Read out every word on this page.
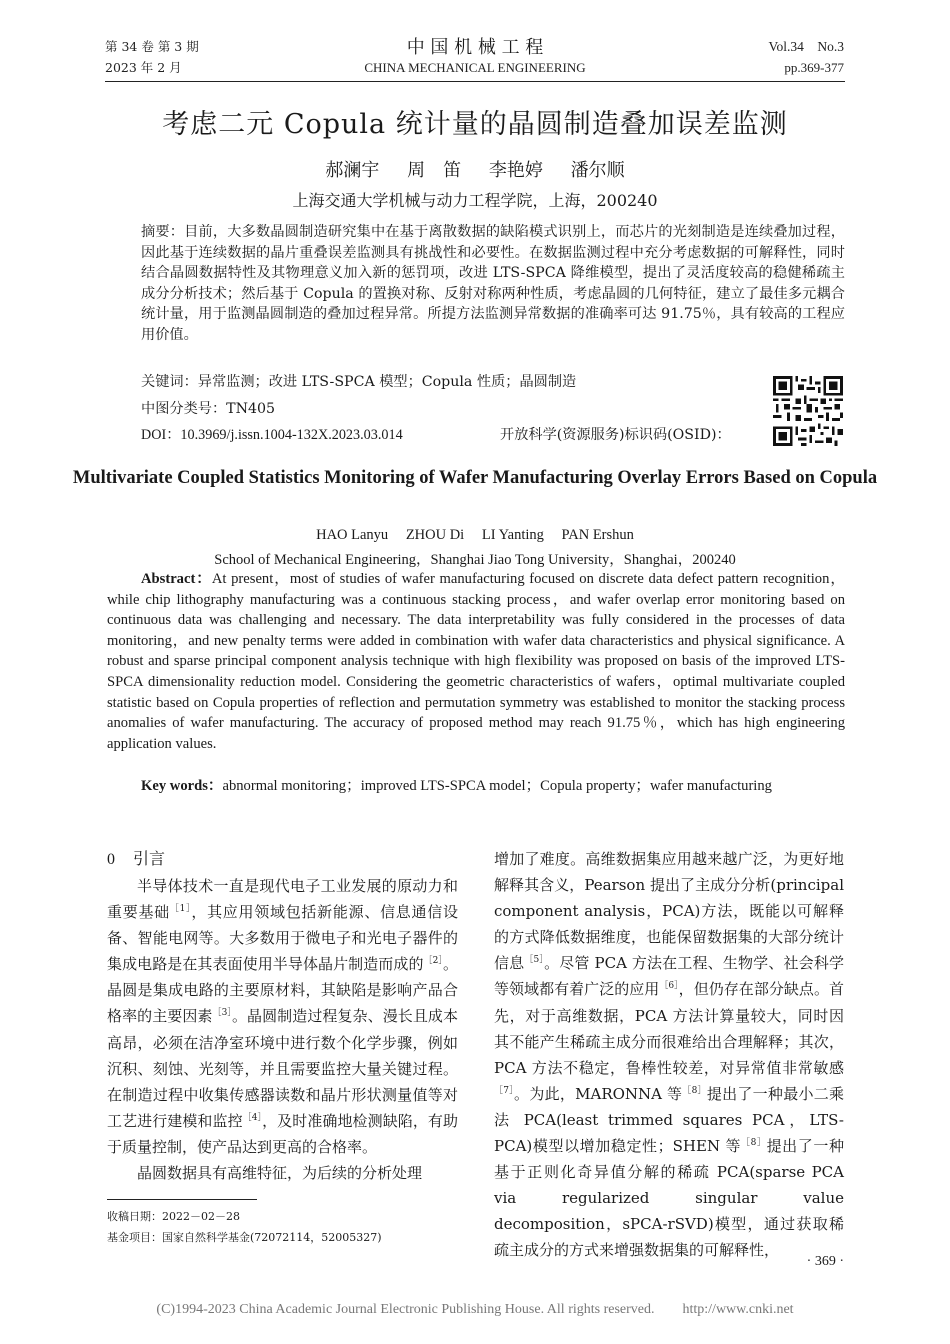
第 34 卷 第 3 期
2023 年 2 月
中 国 机 械 工 程
CHINA MECHANICAL ENGINEERING
Vol.34　No.3
pp.369-377
考虑二元 Copula 统计量的晶圆制造叠加误差监测
郝澜宇 周　笛 李艳婷 潘尔顺
上海交通大学机械与动力工程学院，上海，200240
摘要：目前，大多数晶圆制造研究集中在基于离散数据的缺陷模式识别上，而芯片的光刻制造是连续叠加过程，因此基于连续数据的晶片重叠误差监测具有挑战性和必要性。在数据监测过程中充分考虑数据的可解释性，同时结合晶圆数据特性及其物理意义加入新的惩罚项，改进 LTS-SPCA 降维模型，提出了灵活度较高的稳健稀疏主成分分析技术；然后基于 Copula 的置换对称、反射对称两种性质，考虑晶圆的几何特征，建立了最佳多元耦合统计量，用于监测晶圆制造的叠加过程异常。所提方法监测异常数据的准确率可达 91.75％，具有较高的工程应用价值。
关键词：异常监测；改进 LTS-SPCA 模型；Copula 性质；晶圆制造
中图分类号：TN405
DOI：10.3969/j.issn.1004-132X.2023.03.014	开放科学(资源服务)标识码(OSID)：
Multivariate Coupled Statistics Monitoring of Wafer Manufacturing Overlay Errors Based on Copula
HAO Lanyu ZHOU Di LI Yanting PAN Ershun
School of Mechanical Engineering，Shanghai Jiao Tong University，Shanghai，200240
Abstract：At present，most of studies of wafer manufacturing focused on discrete data defect pattern recognition，while chip lithography manufacturing was a continuous stacking process，and wafer overlap error monitoring based on continuous data was challenging and necessary. The data interpretability was fully considered in the processes of data monitoring，and new penalty terms were added in combination with wafer data characteristics and physical significance. A robust and sparse principal component analysis technique with high flexibility was proposed on basis of the improved LTS-SPCA dimensionality reduction model. Considering the geometric characteristics of wafers，optimal multivariate coupled statistic based on Copula properties of reflection and permutation symmetry was established to monitor the stacking process anomalies of wafer manufacturing. The accuracy of proposed method may reach 91.75％，which has high engineering application values.
Key words：abnormal monitoring；improved LTS-SPCA model；Copula property；wafer manufacturing
0 引言

半导体技术一直是现代电子工业发展的原动力和重要基础$^{[1]}$，其应用领域包括新能源、信息通信设备、智能电网等。大多数用于微电子和光电子器件的集成电路是在其表面使用半导体晶片制造而成的$^{[2]}$。晶圆是集成电路的主要原材料，其缺陷是影响产品合格率的主要因素$^{[3]}$。晶圆制造过程复杂、漫长且成本高昂，必须在洁净室环境中进行数个化学步骤，例如沉积、刻蚀、光刻等，并且需要监控大量关键过程。在制造过程中收集传感器读数和晶片形状测量值等对工艺进行建模和监控$^{[4]}$，及时准确地检测缺陷，有助于质量控制，使产品达到更高的合格率。

晶圆数据具有高维特征，为后续的分析处理

收稿日期：2022－02－28
基金项目：国家自然科学基金(72072114，52005327)

增加了难度。高维数据集应用越来越广泛，为更好地解释其含义，Pearson 提出了主成分分析(principal component analysis，PCA)方法，既能以可解释的方式降低数据维度，也能保留数据集的大部分统计信息$^{[5]}$。尽管 PCA 方法在工程、生物学、社会科学等领域都有着广泛的应用$^{[6]}$，但仍存在部分缺点。首先，对于高维数据，PCA 方法计算量较大，同时因其不能产生稀疏主成分而很难给出合理解释；其次，PCA 方法不稳定，鲁棒性较差，对异常值非常敏感$^{[7]}$。为此，MARONNA 等$^{[8]}$提出了一种最小二乘法 PCA(least trimmed squares PCA，LTS-PCA)模型以增加稳定性；SHEN 等$^{[8]}$提出了一种基于正则化奇异值分解的稀疏 PCA(sparse PCA via regularized singular value decomposition，sPCA-rSVD)模型，通过获取稀疏主成分的方式来增强数据集的可解释性，

· 369 ·
(C)1994-2023 China Academic Journal Electronic Publishing House. All rights reserved.　　http://www.cnki.net
